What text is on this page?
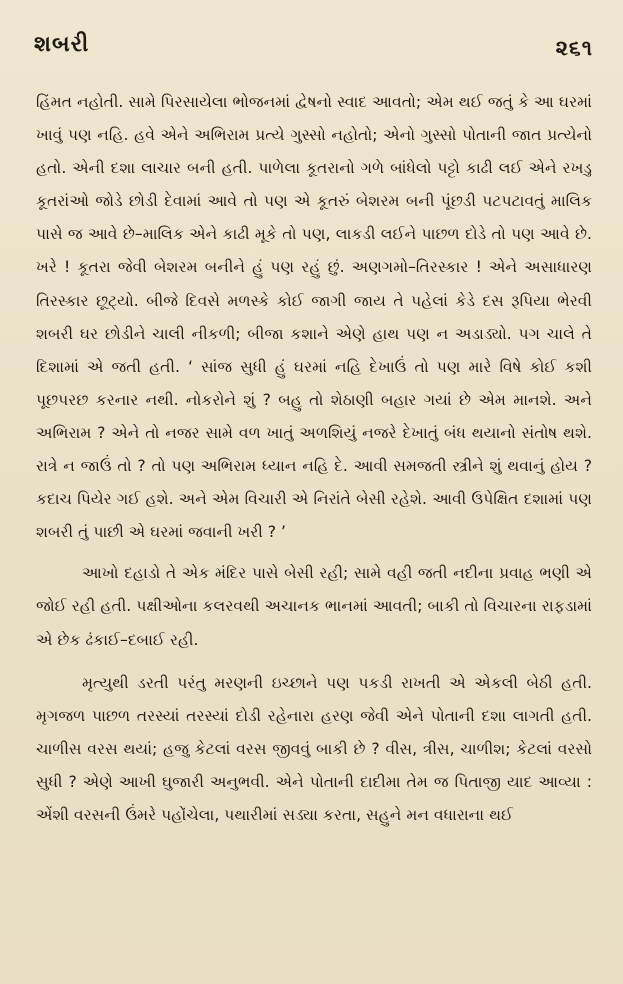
શબરી	૨૬૧

હિંમત નહોતી. સામે પિરસાયેલા ભોજનમાં દ્વેષનો સ્વાદ આવતો; એમ થઈ જતું કે આ ઘરમાં ખાવું પણ નહિ. હવે એને અભિરામ પ્રત્યે ગુસ્સો નહોતો; એનો ગુસ્સો પોતાની જાત પ્રત્યેનો હતો. એની દશા લાચાર બની હતી. પાળેલા કૂતરાનો ગળે બાંધેલો પટ્ટો કાઢી લઈ એને રખડુ કૂતરાંઓ જોડે છોડી દેવામાં આવે તો પણ એ કૂતરું બેશરમ બની પૂંછડી પટપટાવતું માલિક પાસે જ આવે છે–માલિક એને કાઢી મૂકે તો પણ, લાકડી લઈને પાછળ દોડે તો પણ આવે છે. ખરે ! કૂતરા જેવી બેશરમ બનીને હું પણ રહું છું. અણગમો–તિરસ્કાર ! એને અસાધારણ તિરસ્કાર છૂટ્યો. બીજે દિવસે મળસ્કે કોઈ જાગી જાય તે પહેલાં કેડે દસ રૂપિયા ભેરવી શબરી ઘર છોડીને ચાલી નીકળી; બીજા કશાને એણે હાથ પણ ન અડાડ્યો. પગ ચાલે તે દિશામાં એ જતી હતી. ‘ સાંજ સુધી હું ઘરમાં નહિ દેખાઉં તો પણ મારે વિષે કોઈ કશી પૂછપરછ કરનાર નથી. નોકરોને શું ? બહુ તો શેઠાણી બહાર ગયાં છે એમ માનશે. અને અભિરામ ? એને તો નજર સામે વળ ખાતું અળશિયું નજરે દેખાતું બંધ થયાનો સંતોષ થશે. રાત્રે ન જાઉં તો ? તો પણ અભિરામ ધ્યાન નહિ દે. આવી સમજતી સ્ત્રીને શું થવાનું હોય ? કદાચ પિયેર ગઈ હશે. અને એમ વિચારી એ નિરાંતે બેસી રહેશે. આવી ઉપેક્ષિત દશામાં પણ શબરી તું પાછી એ ઘરમાં જવાની ખરી ? ’

આખો દહાડો તે એક મંદિર પાસે બેસી રહી; સામે વહી જતી નદીના પ્રવાહ ભણી એ જોઈ રહી હતી. પક્ષીઓના કલરવથી અચાનક ભાનમાં આવતી; બાકી તો વિચારના રાફડામાં એ છેક ઢંકાઈ–દબાઈ રહી.

મૃત્યુથી ડરતી પરંતુ મરણની ઇચ્છાને પણ પકડી રાખતી એ એકલી બેઠી હતી. મૃગજળ પાછળ તરસ્યાં તરસ્યાં દોડી રહેનારા હરણ જેવી એને પોતાની દશા લાગતી હતી. ચાળીસ વરસ થયાં; હજુ કેટલાં વરસ જીવવું બાકી છે ? વીસ, ત્રીસ, ચાળીશ; કેટલાં વરસો સુધી ? એણે આખી ઘુજારી અનુભવી. એને પોતાની દાદીમા તેમ જ પિતાજી યાદ આવ્યા : એંશી વરસની ઉંમરે પહોંચેલા, પથારીમાં સડ્યા કરતા, સહુને મન વધારાના થઈ
